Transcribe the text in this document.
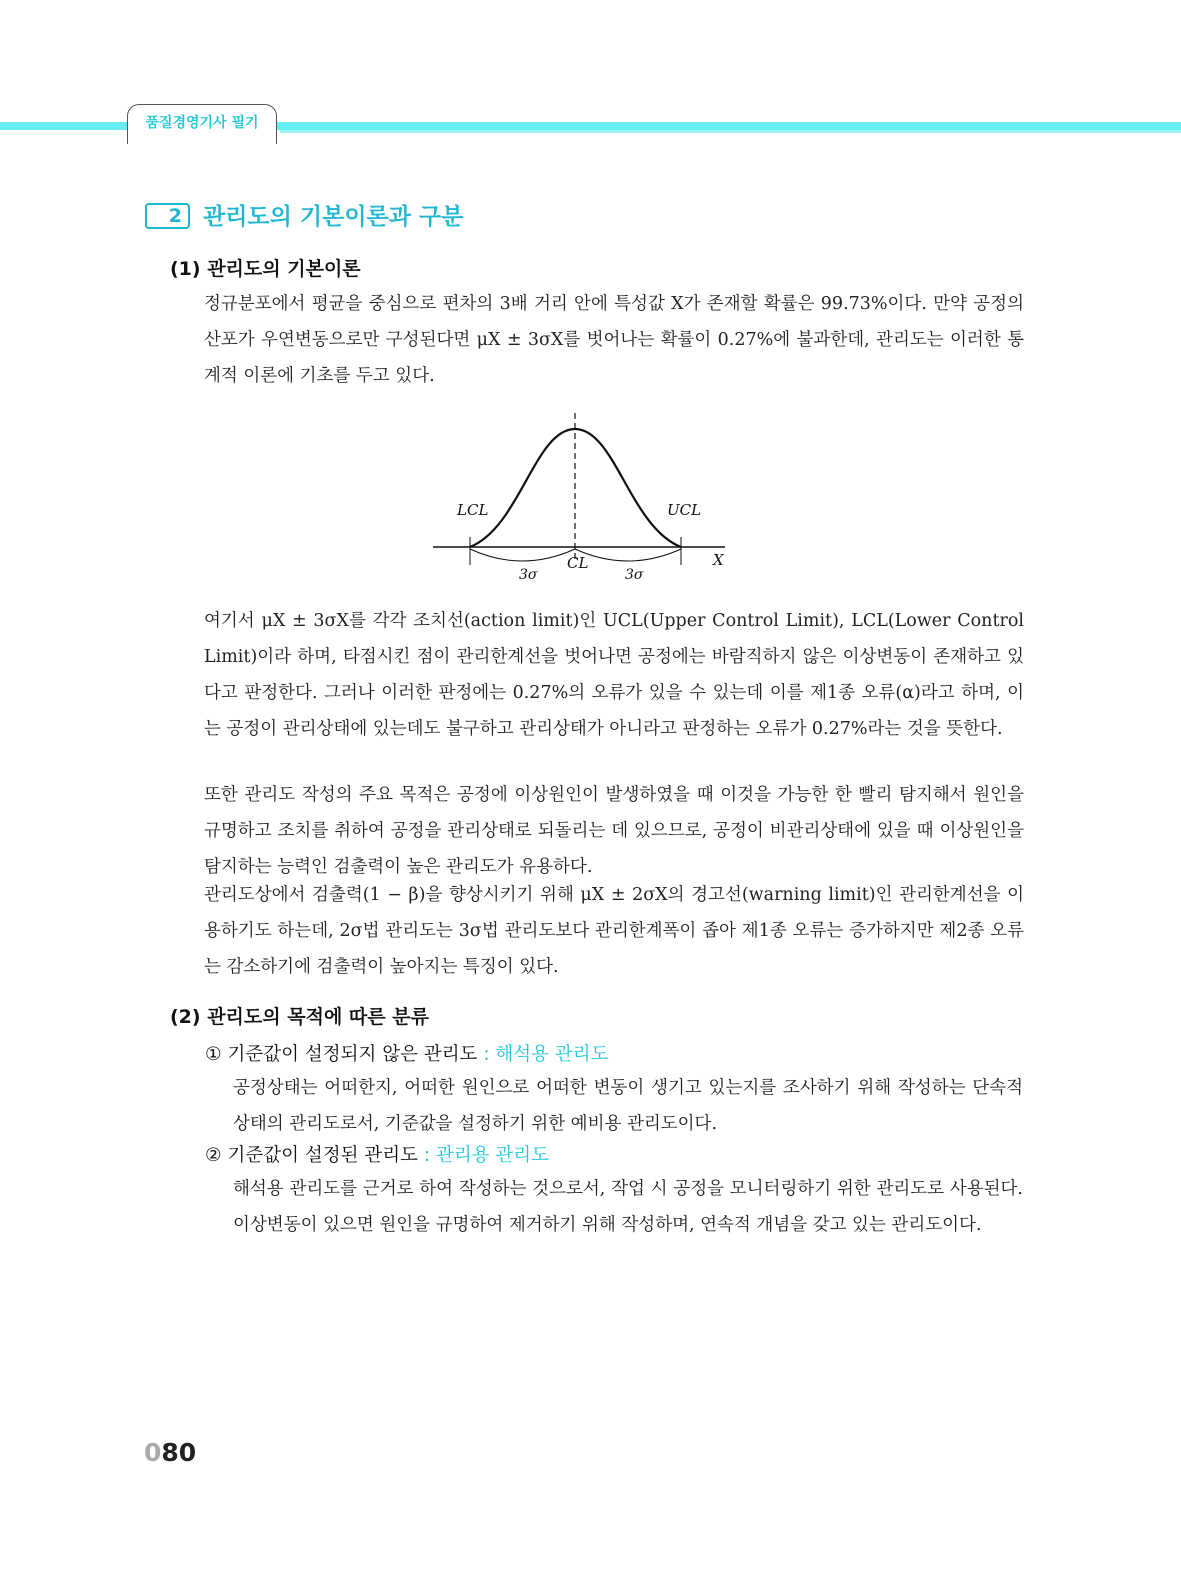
품질경영기사 필기
2 관리도의 기본이론과 구분
(1) 관리도의 기본이론
정규분포에서 평균을 중심으로 편차의 3배 거리 안에 특성값 X가 존재할 확률은 99.73%이다. 만약 공정의 산포가 우연변동으로만 구성된다면 μX ± 3σX를 벗어나는 확률이 0.27%에 불과한데, 관리도는 이러한 통계적 이론에 기초를 두고 있다.
LCL	UCL
CL	X
3σ	3σ
여기서 μX ± 3σX를 각각 조치선(action limit)인 UCL(Upper Control Limit), LCL(Lower Control Limit)이라 하며, 타점시킨 점이 관리한계선을 벗어나면 공정에는 바람직하지 않은 이상변동이 존재하고 있다고 판정한다. 그러나 이러한 판정에는 0.27%의 오류가 있을 수 있는데 이를 제1종 오류(α)라고 하며, 이는 공정이 관리상태에 있는데도 불구하고 관리상태가 아니라고 판정하는 오류가 0.27%라는 것을 뜻한다.
또한 관리도 작성의 주요 목적은 공정에 이상원인이 발생하였을 때 이것을 가능한 한 빨리 탐지해서 원인을 규명하고 조치를 취하여 공정을 관리상태로 되돌리는 데 있으므로, 공정이 비관리상태에 있을 때 이상원인을 탐지하는 능력인 검출력이 높은 관리도가 유용하다.
관리도상에서 검출력(1 − β)을 향상시키기 위해 μX ± 2σX의 경고선(warning limit)인 관리한계선을 이용하기도 하는데, 2σ법 관리도는 3σ법 관리도보다 관리한계폭이 좁아 제1종 오류는 증가하지만 제2종 오류는 감소하기에 검출력이 높아지는 특징이 있다.
(2) 관리도의 목적에 따른 분류
① 기준값이 설정되지 않은 관리도 : 해석용 관리도
공정상태는 어떠한지, 어떠한 원인으로 어떠한 변동이 생기고 있는지를 조사하기 위해 작성하는 단속적 상태의 관리도로서, 기준값을 설정하기 위한 예비용 관리도이다.
② 기준값이 설정된 관리도 : 관리용 관리도
해석용 관리도를 근거로 하여 작성하는 것으로서, 작업 시 공정을 모니터링하기 위한 관리도로 사용된다. 이상변동이 있으면 원인을 규명하여 제거하기 위해 작성하며, 연속적 개념을 갖고 있는 관리도이다.
080
